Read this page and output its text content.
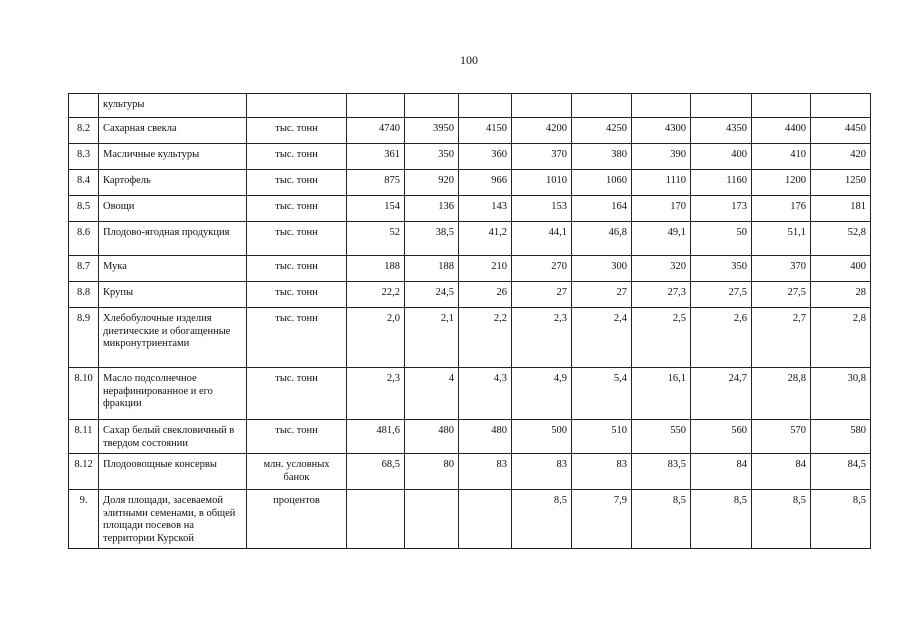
100
	культуры										
8.2	Сахарная свекла	тыс. тонн	4740	3950	4150	4200	4250	4300	4350	4400	4450
8.3	Масличные культуры	тыс. тонн	361	350	360	370	380	390	400	410	420
8.4	Картофель	тыс. тонн	875	920	966	1010	1060	1110	1160	1200	1250
8.5	Овощи	тыс. тонн	154	136	143	153	164	170	173	176	181
8.6	Плодово-ягодная продукция	тыс. тонн	52	38,5	41,2	44,1	46,8	49,1	50	51,1	52,8
8.7	Мука	тыс. тонн	188	188	210	270	300	320	350	370	400
8.8	Крупы	тыс. тонн	22,2	24,5	26	27	27	27,3	27,5	27,5	28
8.9	Хлебобулочные изделия диетические и обогащенные микронутриентами	тыс. тонн	2,0	2,1	2,2	2,3	2,4	2,5	2,6	2,7	2,8
8.10	Масло подсолнечное нерафинированное и его фракции	тыс. тонн	2,3	4	4,3	4,9	5,4	16,1	24,7	28,8	30,8
8.11	Сахар белый свекловичный в твердом состоянии	тыс. тонн	481,6	480	480	500	510	550	560	570	580
8.12	Плодоовощные консервы	млн. условных банок	68,5	80	83	83	83	83,5	84	84	84,5
9.	Доля площади, засеваемой элитными семенами, в общей площади посевов на территории Курской	процентов				8,5	7,9	8,5	8,5	8,5	8,5
